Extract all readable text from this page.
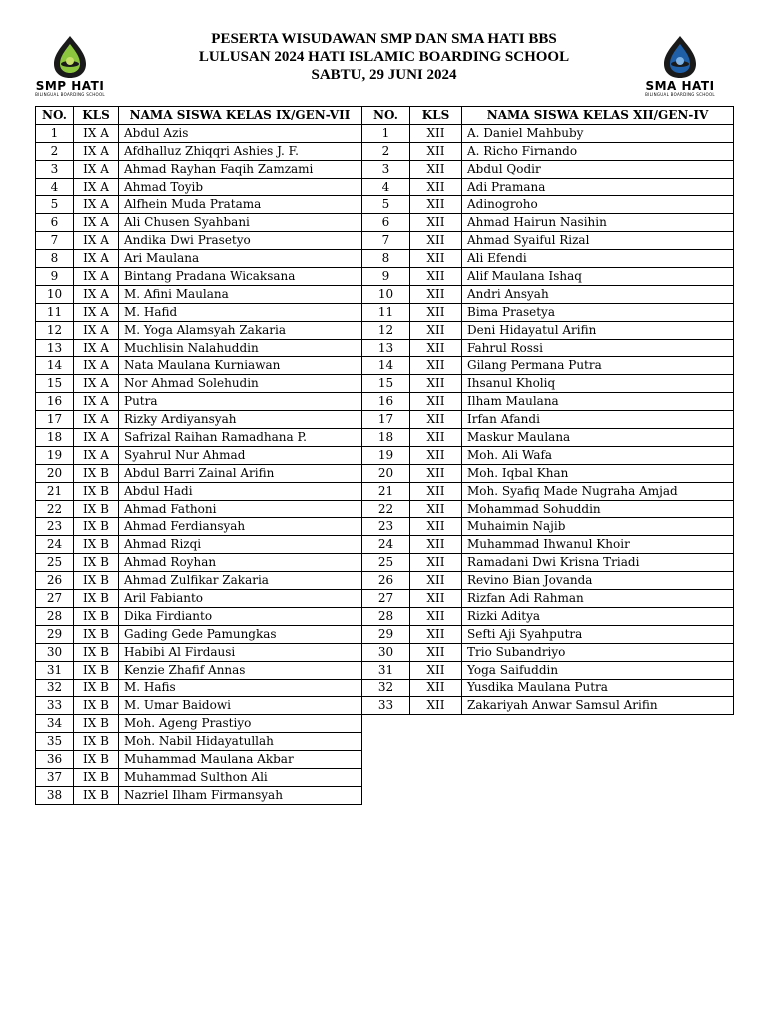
SMP HATI
BILINGUAL BOARDING SCHOOL
SMA HATI
BILINGUAL BOARDING SCHOOL
PESERTA WISUDAWAN SMP DAN SMA HATI BBS
LULUSAN 2024 HATI ISLAMIC BOARDING SCHOOL
SABTU, 29 JUNI 2024
NO.	KLS	NAMA SISWA KELAS IX/GEN-VII
1	IX A	Abdul Azis
2	IX A	Afdhalluz Zhiqqri Ashies J. F.
3	IX A	Ahmad Rayhan Faqih Zamzami
4	IX A	Ahmad Toyib
5	IX A	Alfhein Muda Pratama
6	IX A	Ali Chusen Syahbani
7	IX A	Andika Dwi Prasetyo
8	IX A	Ari Maulana
9	IX A	Bintang Pradana Wicaksana
10	IX A	M. Afini Maulana
11	IX A	M. Hafid
12	IX A	M. Yoga Alamsyah Zakaria
13	IX A	Muchlisin Nalahuddin
14	IX A	Nata Maulana Kurniawan
15	IX A	Nor Ahmad Solehudin
16	IX A	Putra
17	IX A	Rizky Ardiyansyah
18	IX A	Safrizal Raihan Ramadhana P.
19	IX A	Syahrul Nur Ahmad
20	IX B	Abdul Barri Zainal Arifin
21	IX B	Abdul Hadi
22	IX B	Ahmad Fathoni
23	IX B	Ahmad Ferdiansyah
24	IX B	Ahmad Rizqi
25	IX B	Ahmad Royhan
26	IX B	Ahmad Zulfikar Zakaria
27	IX B	Aril Fabianto
28	IX B	Dika Firdianto
29	IX B	Gading Gede Pamungkas
30	IX B	Habibi Al Firdausi
31	IX B	Kenzie Zhafif Annas
32	IX B	M. Hafis
33	IX B	M. Umar Baidowi
34	IX B	Moh. Ageng Prastiyo
35	IX B	Moh. Nabil Hidayatullah
36	IX B	Muhammad Maulana Akbar
37	IX B	Muhammad Sulthon Ali
38	IX B	Nazriel Ilham Firmansyah
NO.	KLS	NAMA SISWA KELAS XII/GEN-IV
1	XII	A. Daniel Mahbuby
2	XII	A. Richo Firnando
3	XII	Abdul Qodir
4	XII	Adi Pramana
5	XII	Adinogroho
6	XII	Ahmad Hairun Nasihin
7	XII	Ahmad Syaiful Rizal
8	XII	Ali Efendi
9	XII	Alif Maulana Ishaq
10	XII	Andri Ansyah
11	XII	Bima Prasetya
12	XII	Deni Hidayatul Arifin
13	XII	Fahrul Rossi
14	XII	Gilang Permana Putra
15	XII	Ihsanul Kholiq
16	XII	Ilham Maulana
17	XII	Irfan Afandi
18	XII	Maskur Maulana
19	XII	Moh. Ali Wafa
20	XII	Moh. Iqbal Khan
21	XII	Moh. Syafiq Made Nugraha Amjad
22	XII	Mohammad Sohuddin
23	XII	Muhaimin Najib
24	XII	Muhammad Ihwanul Khoir
25	XII	Ramadani Dwi Krisna Triadi
26	XII	Revino Bian Jovanda
27	XII	Rizfan Adi Rahman
28	XII	Rizki Aditya
29	XII	Sefti Aji Syahputra
30	XII	Trio Subandriyo
31	XII	Yoga Saifuddin
32	XII	Yusdika Maulana Putra
33	XII	Zakariyah Anwar Samsul Arifin
